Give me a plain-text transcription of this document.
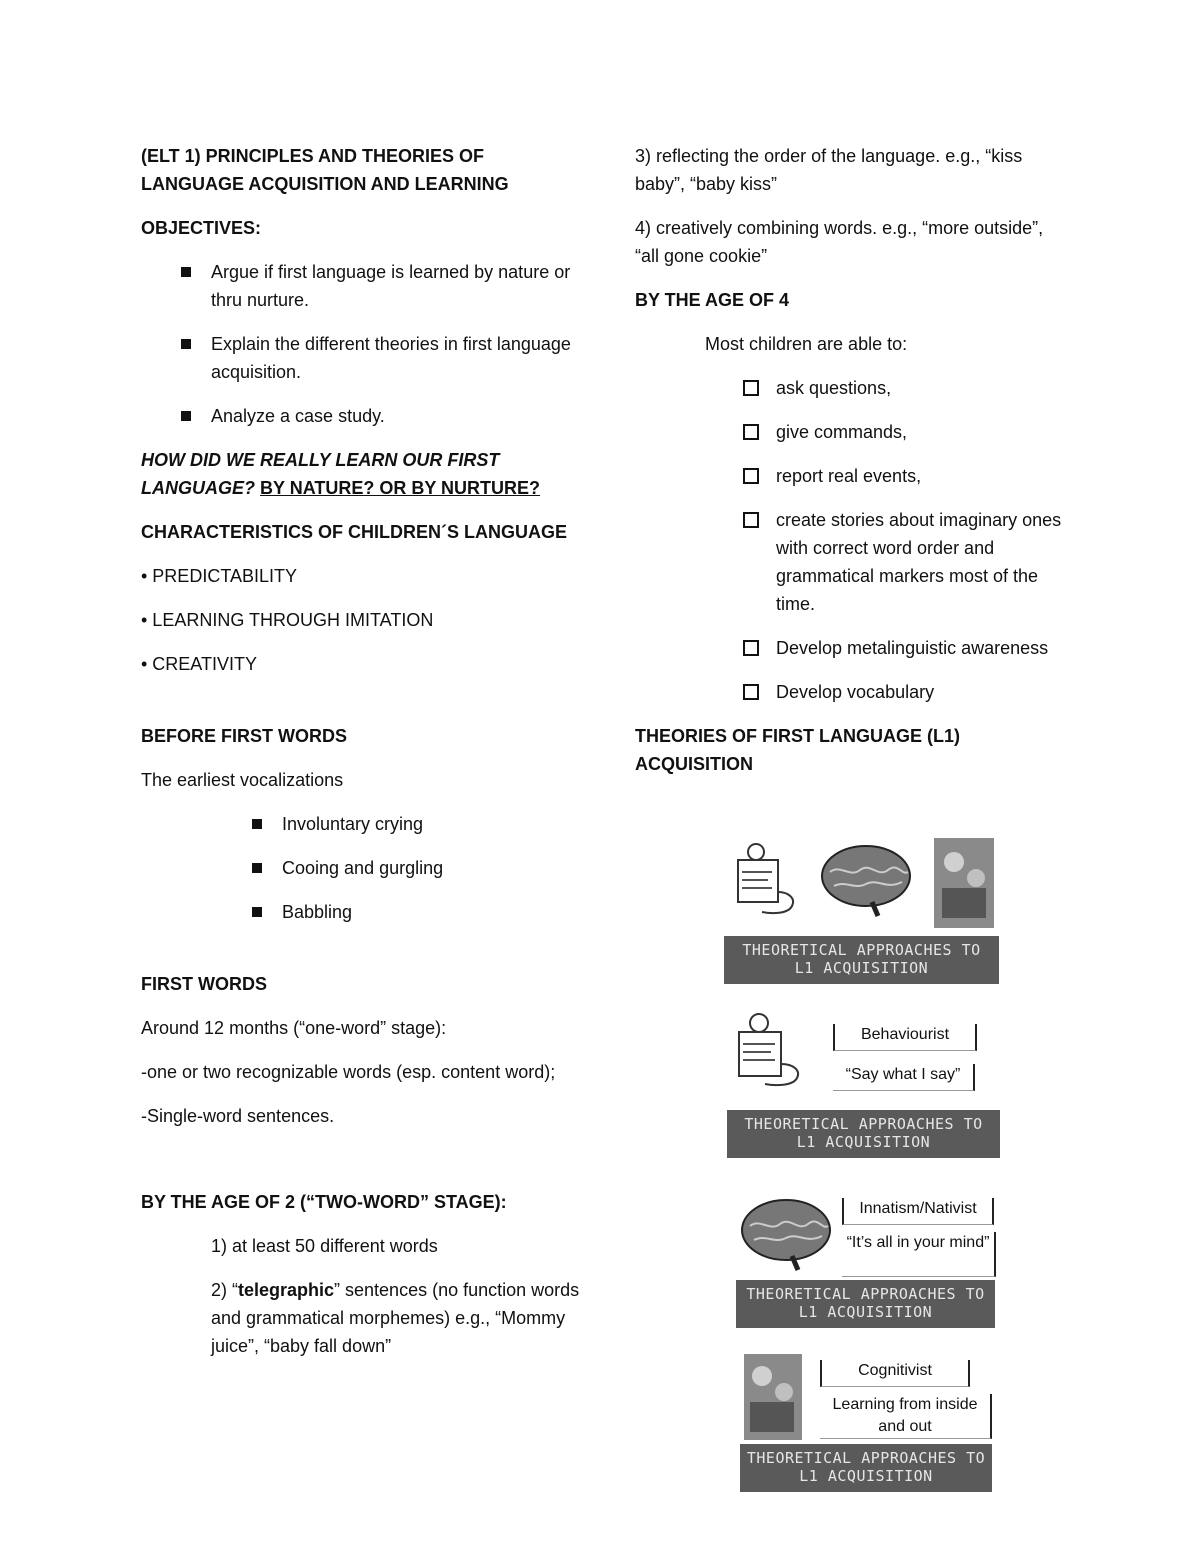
(ELT 1) PRINCIPLES AND THEORIES OF

LANGUAGE ACQUISITION AND LEARNING

OBJECTIVES:

Argue if first language is learned by nature or thru nurture.
Explain the different theories in first language acquisition.
Analyze a case study.

HOW DID WE REALLY LEARN OUR FIRST LANGUAGE? BY NATURE? OR BY NURTURE?

CHARACTERISTICS OF CHILDREN´S LANGUAGE

• PREDICTABILITY
• LEARNING THROUGH IMITATION
• CREATIVITY

BEFORE FIRST WORDS

The earliest vocalizations

Involuntary crying
Cooing and gurgling
Babbling

FIRST WORDS

Around 12 months (“one-word” stage):

-one or two recognizable words (esp. content word);

-Single-word sentences.

BY THE AGE OF 2 (“TWO-WORD” STAGE):

1) at least 50 different words

2) “telegraphic” sentences (no function words and grammatical morphemes) e.g., “Mommy juice”, “baby fall down”

3) reflecting the order of the language. e.g., “kiss baby”, “baby kiss”

4) creatively combining words. e.g., “more outside”, “all gone cookie”

BY THE AGE OF 4

Most children are able to:

ask questions,
give commands,
report real events,
create stories about imaginary ones with correct word order and grammatical markers most of the time.
Develop metalinguistic awareness
Develop vocabulary

THEORIES OF FIRST LANGUAGE (L1) ACQUISITION

THEORETICAL APPROACHES TO
L1 ACQUISITION
Behaviourist
“Say what I say”
THEORETICAL APPROACHES TO
L1 ACQUISITION
Innatism/Nativist
“It’s all in your mind”
THEORETICAL APPROACHES TO
L1 ACQUISITION
Cognitivist
Learning from inside and out
THEORETICAL APPROACHES TO
L1 ACQUISITION
